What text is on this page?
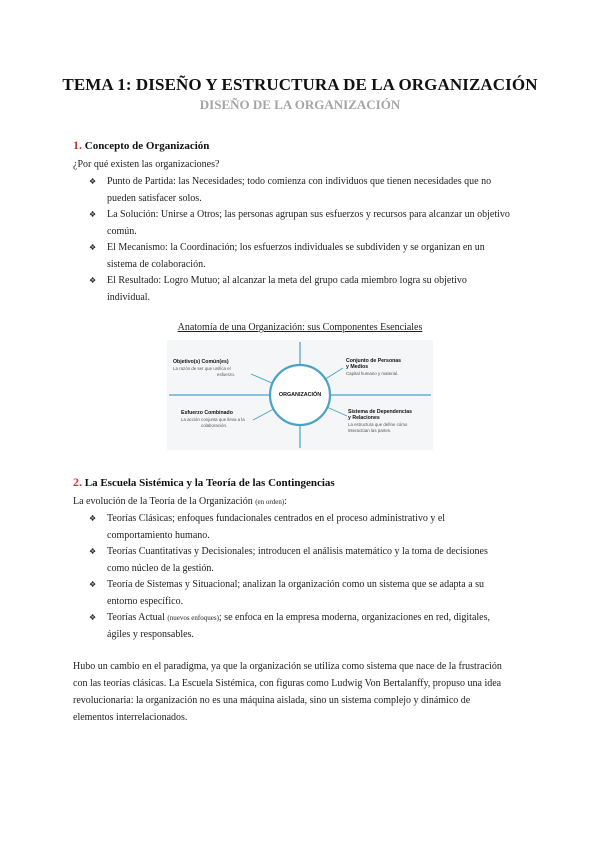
TEMA 1: DISEÑO Y ESTRUCTURA DE LA ORGANIZACIÓN
DISEÑO DE LA ORGANIZACIÓN
1. Concepto de Organización
¿Por qué existen las organizaciones?
❖ Punto de Partida: las Necesidades; todo comienza con individuos que tienen necesidades que no
pueden satisfacer solos.
❖ La Solución: Unirse a Otros; las personas agrupan sus esfuerzos y recursos para alcanzar un objetivo
común.
❖ El Mecanismo: la Coordinación; los esfuerzos individuales se subdividen y se organizan en un
sistema de colaboración.
❖ El Resultado: Logro Mutuo; al alcanzar la meta del grupo cada miembro logra su objetivo
individual.
Anatomía de una Organización: sus Componentes Esenciales
ORGANIZACIÓN
Objetivo(s) Común(es)
La razón de ser que unifica el
esfuerzo.
Conjunto de Personas
y Medios
Capital humano y material.
Esfuerzo Combinado
La acción conjunta que lleva a la
colaboración.
Sistema de Dependencias
y Relaciones
La estructura que define cómo
interactúan las partes.
2. La Escuela Sistémica y la Teoría de las Contingencias
La evolución de la Teoría de la Organización (en orden):
❖ Teorías Clásicas; enfoques fundacionales centrados en el proceso administrativo y el
comportamiento humano.
❖ Teorías Cuantitativas y Decisionales; introducen el análisis matemático y la toma de decisiones
como núcleo de la gestión.
❖ Teoría de Sistemas y Situacional; analizan la organización como un sistema que se adapta a su
entorno específico.
❖ Teorías Actual (nuevos enfoques); se enfoca en la empresa moderna, organizaciones en red, digitales,
ágiles y responsables.
Hubo un cambio en el paradigma, ya que la organización se utiliza como sistema que nace de la frustración
con las teorías clásicas. La Escuela Sistémica, con figuras como Ludwig Von Bertalanffy, propuso una idea
revolucionaria: la organización no es una máquina aislada, sino un sistema complejo y dinámico de
elementos interrelacionados.
